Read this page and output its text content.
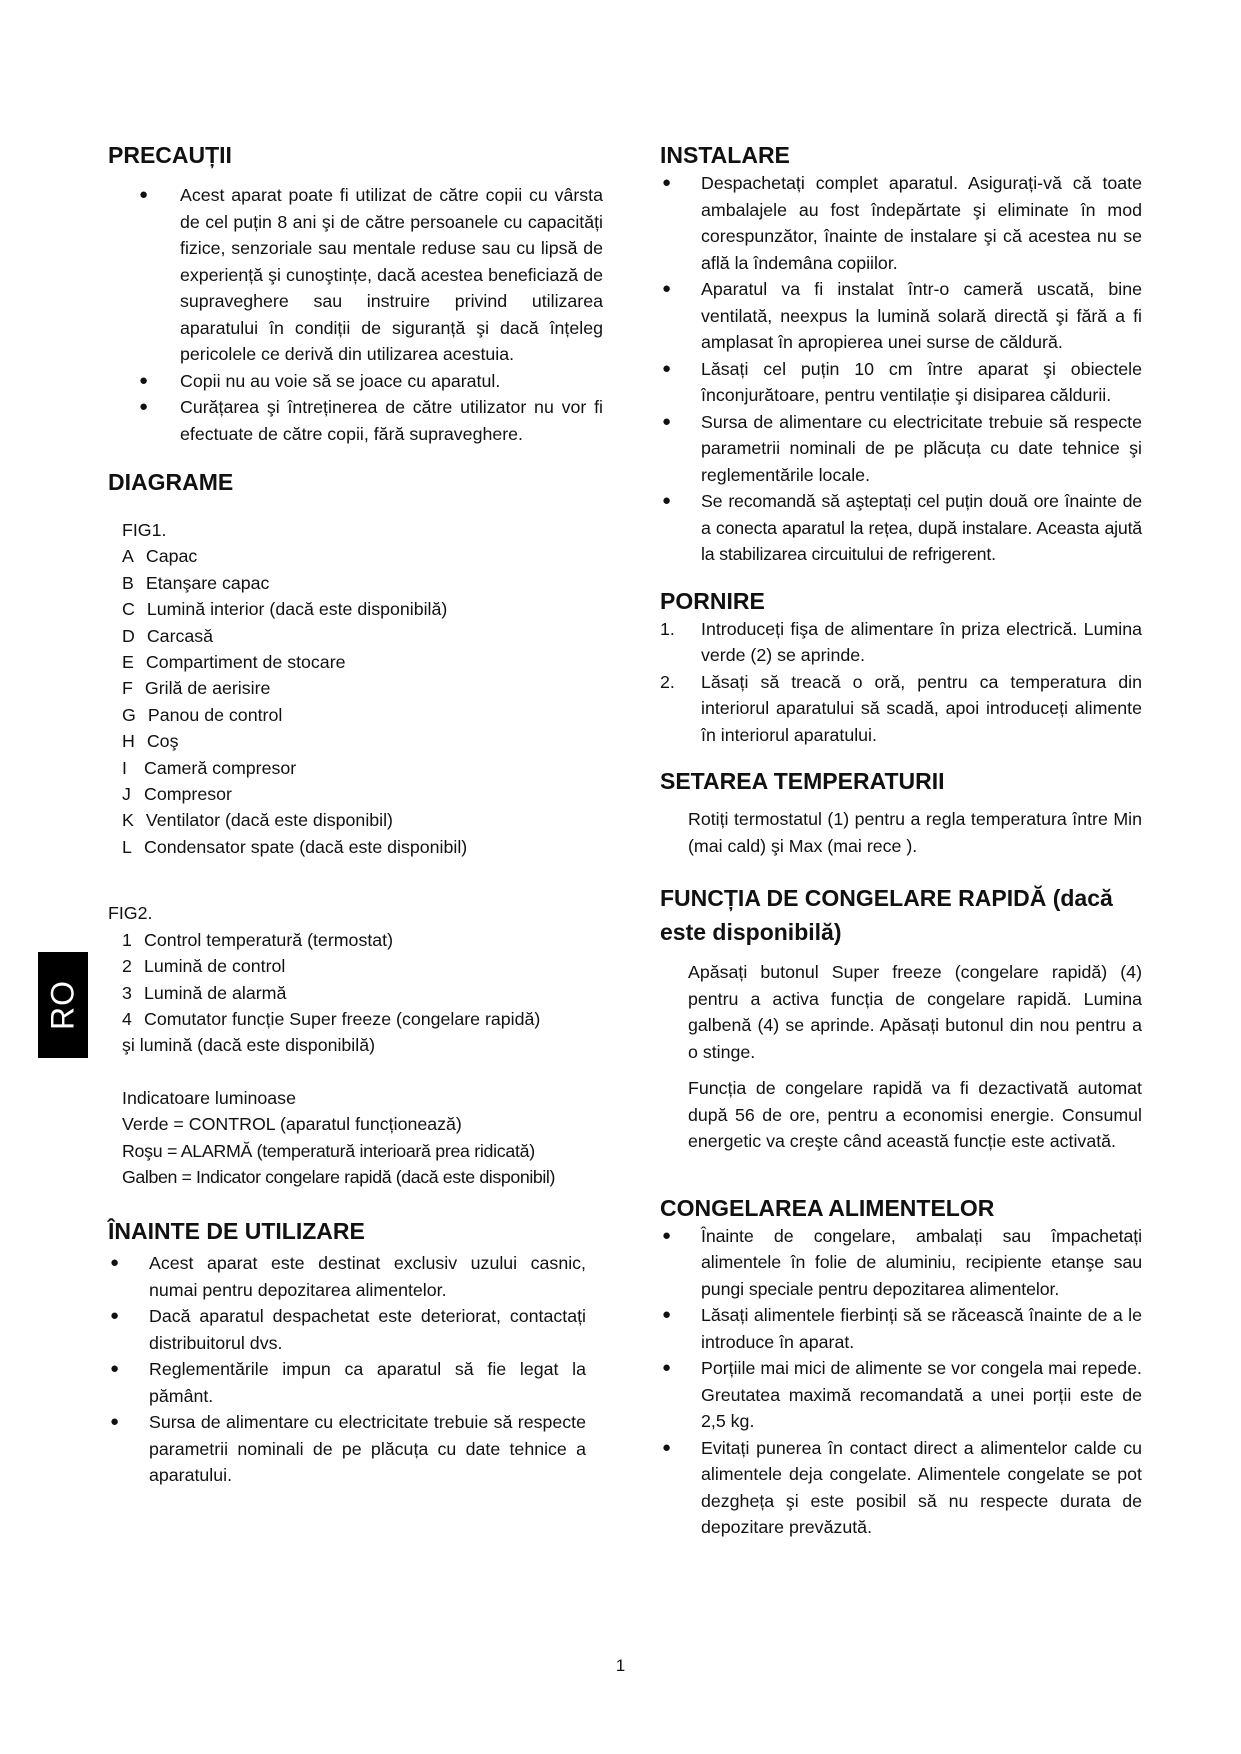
RO
PRECAUȚII
● Acest aparat poate fi utilizat de către copii cu vârsta de cel puțin 8 ani şi de către persoanele cu capacități fizice, senzoriale sau mentale reduse sau cu lipsă de experiență şi cunoştințe, dacă acestea beneficiază de supraveghere sau instruire privind utilizarea aparatului în condiții de siguranță şi dacă înțeleg pericolele ce derivă din utilizarea acestuia.
● Copii nu au voie să se joace cu aparatul.
● Curățarea şi întreținerea de către utilizator nu vor fi efectuate de către copii, fără supraveghere.
DIAGRAME
FIG1.
A Capac
B Etanşare capac
C Lumină interior (dacă este disponibilă)
D Carcasă
E Compartiment de stocare
F Grilă de aerisire
G Panou de control
H Coş
I Cameră compresor
J Compresor
K Ventilator (dacă este disponibil)
L Condensator spate (dacă este disponibil)
FIG2.
1 Control temperatură (termostat)
2 Lumină de control
3 Lumină de alarmă
4 Comutator funcție Super freeze (congelare rapidă)
şi lumină (dacă este disponibilă)
Indicatoare luminoase
Verde = CONTROL (aparatul funcționează)
Roşu = ALARMĂ (temperatură interioară prea ridicată)
Galben = Indicator congelare rapidă (dacă este disponibil)
ÎNAINTE DE UTILIZARE
● Acest aparat este destinat exclusiv uzului casnic, numai pentru depozitarea alimentelor.
● Dacă aparatul despachetat este deteriorat, contactați distribuitorul dvs.
● Reglementările impun ca aparatul să fie legat la pământ.
● Sursa de alimentare cu electricitate trebuie să respecte parametrii nominali de pe plăcuța cu date tehnice a aparatului.
INSTALARE
● Despachetați complet aparatul. Asigurați-vă că toate ambalajele au fost îndepărtate şi eliminate în mod corespunzător, înainte de instalare şi că acestea nu se află la îndemâna copiilor.
● Aparatul va fi instalat într-o cameră uscată, bine ventilată, neexpus la lumină solară directă şi fără a fi amplasat în apropierea unei surse de căldură.
● Lăsați cel puțin 10 cm între aparat şi obiectele înconjurătoare, pentru ventilație şi disiparea căldurii.
● Sursa de alimentare cu electricitate trebuie să respecte parametrii nominali de pe plăcuța cu date tehnice şi reglementările locale.
● Se recomandă să aşteptați cel puțin două ore înainte de a conecta aparatul la rețea, după instalare. Aceasta ajută la stabilizarea circuitului de refrigerent.
PORNIRE
1. Introduceți fişa de alimentare în priza electrică. Lumina verde (2) se aprinde.
2. Lăsați să treacă o oră, pentru ca temperatura din interiorul aparatului să scadă, apoi introduceți alimente în interiorul aparatului.
SETAREA TEMPERATURII

Rotiți termostatul (1) pentru a regla temperatura între Min (mai cald) şi Max (mai rece ).

FUNCȚIA DE CONGELARE RAPIDĂ (dacă este disponibilă)

Apăsați butonul Super freeze (congelare rapidă) (4) pentru a activa funcția de congelare rapidă. Lumina galbenă (4) se aprinde. Apăsați butonul din nou pentru a o stinge.

Funcția de congelare rapidă va fi dezactivată automat după 56 de ore, pentru a economisi energie. Consumul energetic va creşte când această funcție este activată.

CONGELAREA ALIMENTELOR
● Înainte de congelare, ambalați sau împachetați alimentele în folie de aluminiu, recipiente etanşe sau pungi speciale pentru depozitarea alimentelor.
● Lăsați alimentele fierbinți să se răcească înainte de a le introduce în aparat.
● Porțiile mai mici de alimente se vor congela mai repede. Greutatea maximă recomandată a unei porții este de 2,5 kg.
● Evitați punerea în contact direct a alimentelor calde cu alimentele deja congelate. Alimentele congelate se pot dezgheța şi este posibil să nu respecte durata de depozitare prevăzută.
1
